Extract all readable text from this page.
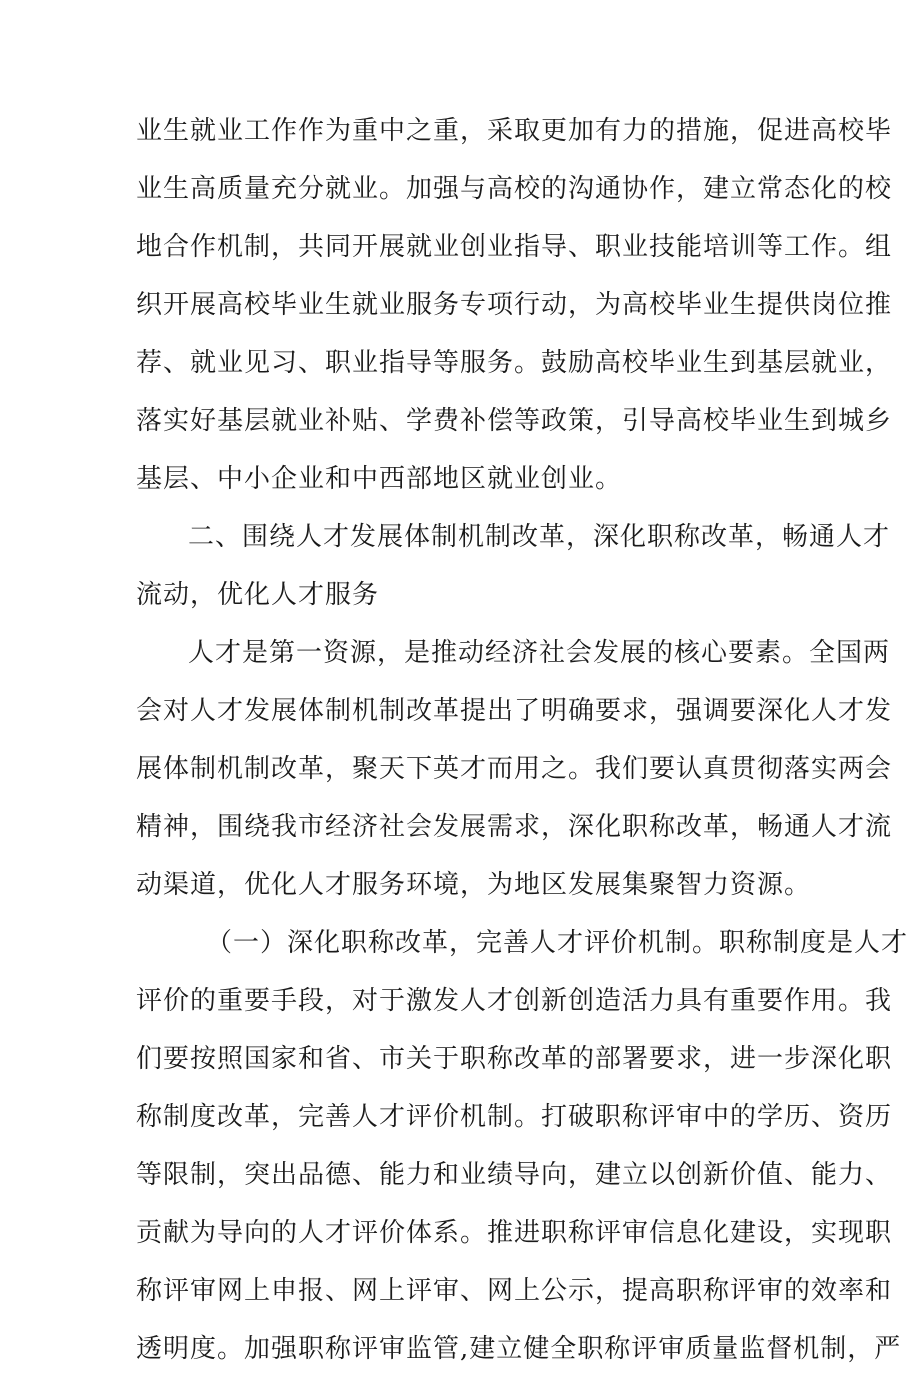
业生就业工作作为重中之重，采取更加有力的措施，促进高校毕
业生高质量充分就业。加强与高校的沟通协作，建立常态化的校
地合作机制，共同开展就业创业指导、职业技能培训等工作。组
织开展高校毕业生就业服务专项行动，为高校毕业生提供岗位推
荐、就业见习、职业指导等服务。鼓励高校毕业生到基层就业，
落实好基层就业补贴、学费补偿等政策，引导高校毕业生到城乡
基层、中小企业和中西部地区就业创业。
二、围绕人才发展体制机制改革，深化职称改革，畅通人才
流动，优化人才服务
人才是第一资源，是推动经济社会发展的核心要素。全国两
会对人才发展体制机制改革提出了明确要求，强调要深化人才发
展体制机制改革，聚天下英才而用之。我们要认真贯彻落实两会
精神，围绕我市经济社会发展需求，深化职称改革，畅通人才流
动渠道，优化人才服务环境，为地区发展集聚智力资源。
（一）深化职称改革，完善人才评价机制。职称制度是人才
评价的重要手段，对于激发人才创新创造活力具有重要作用。我
们要按照国家和省、市关于职称改革的部署要求，进一步深化职
称制度改革，完善人才评价机制。打破职称评审中的学历、资历
等限制，突出品德、能力和业绩导向，建立以创新价值、能力、
贡献为导向的人才评价体系。推进职称评审信息化建设，实现职
称评审网上申报、网上评审、网上公示，提高职称评审的效率和
透明度。加强职称评审监管,建立健全职称评审质量监督机制，严
